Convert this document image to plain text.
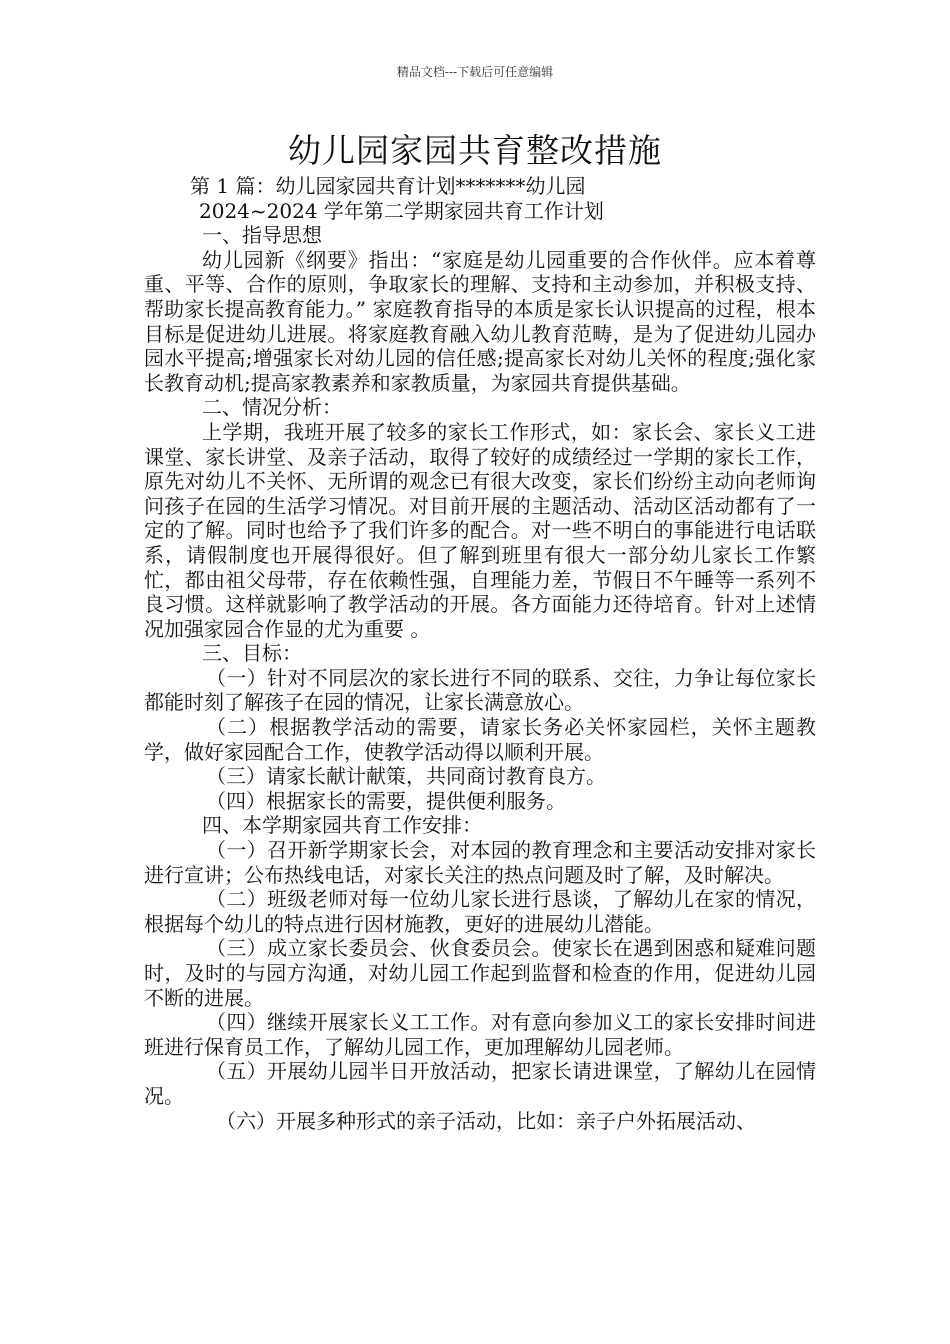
精品文档---下载后可任意编辑
幼儿园家园共育整改措施

第 1 篇：幼儿园家园共育计划*******幼儿园

2024~2024 学年第二学期家园共育工作计划

一、指导思想

幼儿园新《纲要》指出：“家庭是幼儿园重要的合作伙伴。应本着尊重、平等、合作的原则，争取家长的理解、支持和主动参加，并积极支持、帮助家长提高教育能力。” 家庭教育指导的本质是家长认识提高的过程，根本目标是促进幼儿进展。将家庭教育融入幼儿教育范畴，是为了促进幼儿园办园水平提高;增强家长对幼儿园的信任感;提高家长对幼儿关怀的程度;强化家长教育动机;提高家教素养和家教质量，为家园共育提供基础。

二、情况分析：

上学期，我班开展了较多的家长工作形式，如：家长会、家长义工进课堂、家长讲堂、及亲子活动，取得了较好的成绩经过一学期的家长工作，原先对幼儿不关怀、无所谓的观念已有很大改变，家长们纷纷主动向老师询问孩子在园的生活学习情况。对目前开展的主题活动、活动区活动都有了一定的了解。同时也给予了我们许多的配合。对一些不明白的事能进行电话联系，请假制度也开展得很好。但了解到班里有很大一部分幼儿家长工作繁忙，都由祖父母带，存在依赖性强，自理能力差，节假日不午睡等一系列不良习惯。这样就影响了教学活动的开展。各方面能力还待培育。针对上述情况加强家园合作显的尤为重要 。

三、目标：

（一）针对不同层次的家长进行不同的联系、交往，力争让每位家长都能时刻了解孩子在园的情况，让家长满意放心。

（二）根据教学活动的需要，请家长务必关怀家园栏，关怀主题教学，做好家园配合工作，使教学活动得以顺利开展。

（三）请家长献计献策，共同商讨教育良方。

（四）根据家长的需要，提供便利服务。

四、本学期家园共育工作安排：

（一）召开新学期家长会，对本园的教育理念和主要活动安排对家长进行宣讲；公布热线电话，对家长关注的热点问题及时了解，及时解决。

（二）班级老师对每一位幼儿家长进行恳谈，了解幼儿在家的情况，根据每个幼儿的特点进行因材施教，更好的进展幼儿潜能。

（三）成立家长委员会、伙食委员会。使家长在遇到困惑和疑难问题时，及时的与园方沟通，对幼儿园工作起到监督和检查的作用，促进幼儿园不断的进展。

（四）继续开展家长义工工作。对有意向参加义工的家长安排时间进班进行保育员工作，了解幼儿园工作，更加理解幼儿园老师。

（五）开展幼儿园半日开放活动，把家长请进课堂，了解幼儿在园情况。

（六）开展多种形式的亲子活动，比如：亲子户外拓展活动、
